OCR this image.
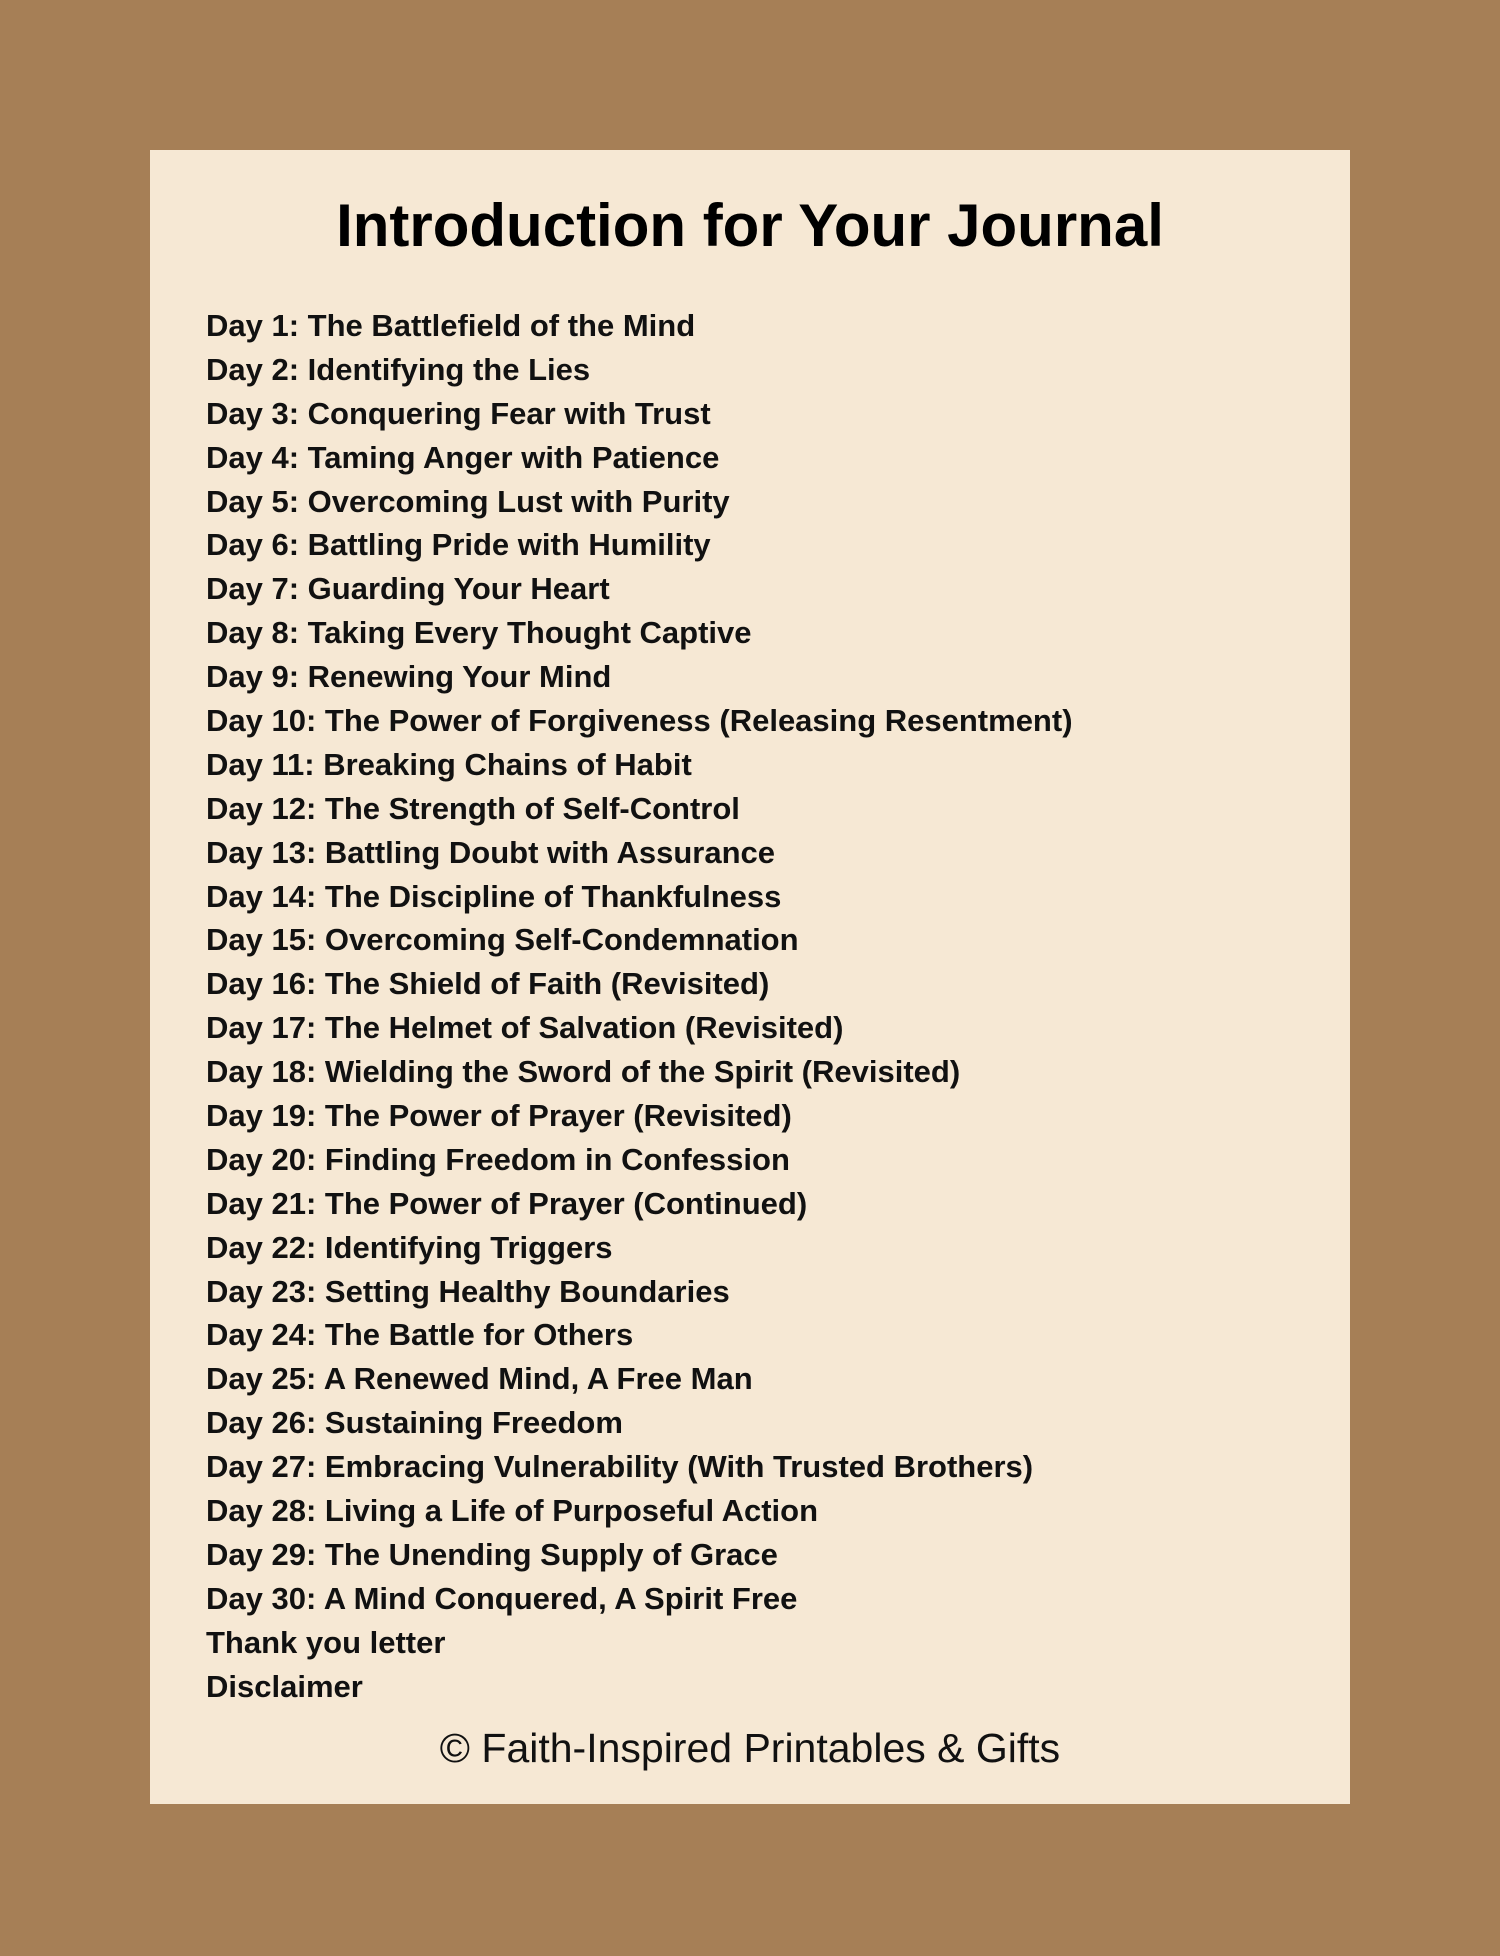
Introduction for Your Journal
Day 1: The Battlefield of the Mind
Day 2: Identifying the Lies
Day 3: Conquering Fear with Trust
Day 4: Taming Anger with Patience
Day 5: Overcoming Lust with Purity
Day 6: Battling Pride with Humility
Day 7: Guarding Your Heart
Day 8: Taking Every Thought Captive
Day 9: Renewing Your Mind
Day 10: The Power of Forgiveness (Releasing Resentment)
Day 11: Breaking Chains of Habit
Day 12: The Strength of Self-Control
Day 13: Battling Doubt with Assurance
Day 14: The Discipline of Thankfulness
Day 15: Overcoming Self-Condemnation
Day 16: The Shield of Faith (Revisited)
Day 17: The Helmet of Salvation (Revisited)
Day 18: Wielding the Sword of the Spirit (Revisited)
Day 19: The Power of Prayer (Revisited)
Day 20: Finding Freedom in Confession
Day 21: The Power of Prayer (Continued)
Day 22: Identifying Triggers
Day 23: Setting Healthy Boundaries
Day 24: The Battle for Others
Day 25: A Renewed Mind, A Free Man
Day 26: Sustaining Freedom
Day 27: Embracing Vulnerability (With Trusted Brothers)
Day 28: Living a Life of Purposeful Action
Day 29: The Unending Supply of Grace
Day 30: A Mind Conquered, A Spirit Free
Thank you letter
Disclaimer
© Faith-Inspired Printables & Gifts
